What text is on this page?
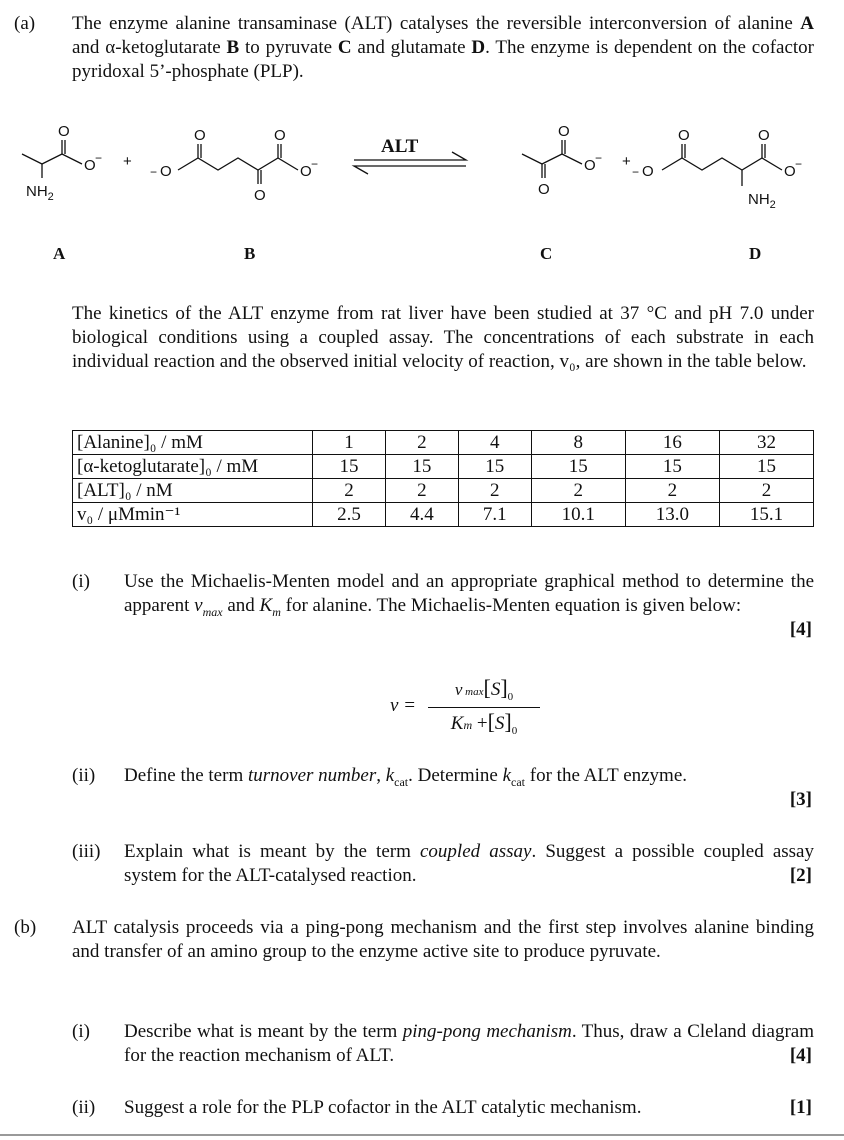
(a) The enzyme alanine transaminase (ALT) catalyses the reversible interconversion of alanine A and α-ketoglutarate B to pyruvate C and glutamate D. The enzyme is dependent on the cofactor pyridoxal 5’-phosphate (PLP).
O
O −
$NH_2$
+
− O
O
O
O
O −
O
O
O − +
− O
O	O
O −
$NH_2$
ALT
A	B	C	D
The kinetics of the ALT enzyme from rat liver have been studied at 37 °C and pH 7.0 under biological conditions using a coupled assay. The concentrations of each substrate in each individual reaction and the observed initial velocity of reaction, v₀, are shown in the table below.
[Alanine]₀ / mM	1	2	4	8	16	32
[α-ketoglutarate]₀ / mM	15	15	15	15	15	15
[ALT]₀ / nM	2	2	2	2	2	2
v₀ / μMmin⁻¹	2.5	4.4	7.1	10.1	13.0	15.1
(i) Use the Michaelis-Menten model and an appropriate graphical method to determine the apparent $v_{max}$ and $K_m$ for alanine. The Michaelis-Menten equation is given below:
[4]
v =
v $\max[S]_0$
$Km +[S]_0$
(ii) Define the term turnover number, $k_{cat}$. Determine $k_{cat}$ for the ALT enzyme.
[3]
(iii) Explain what is meant by the term coupled assay. Suggest a possible coupled assay system for the ALT-catalysed reaction.	[2]
(b) ALT catalysis proceeds via a ping-pong mechanism and the first step involves alanine binding and transfer of an amino group to the enzyme active site to produce pyruvate.
(i) Describe what is meant by the term ping-pong mechanism. Thus, draw a Cleland diagram for the reaction mechanism of ALT.	[4]
(ii) Suggest a role for the PLP cofactor in the ALT catalytic mechanism.	[1]
